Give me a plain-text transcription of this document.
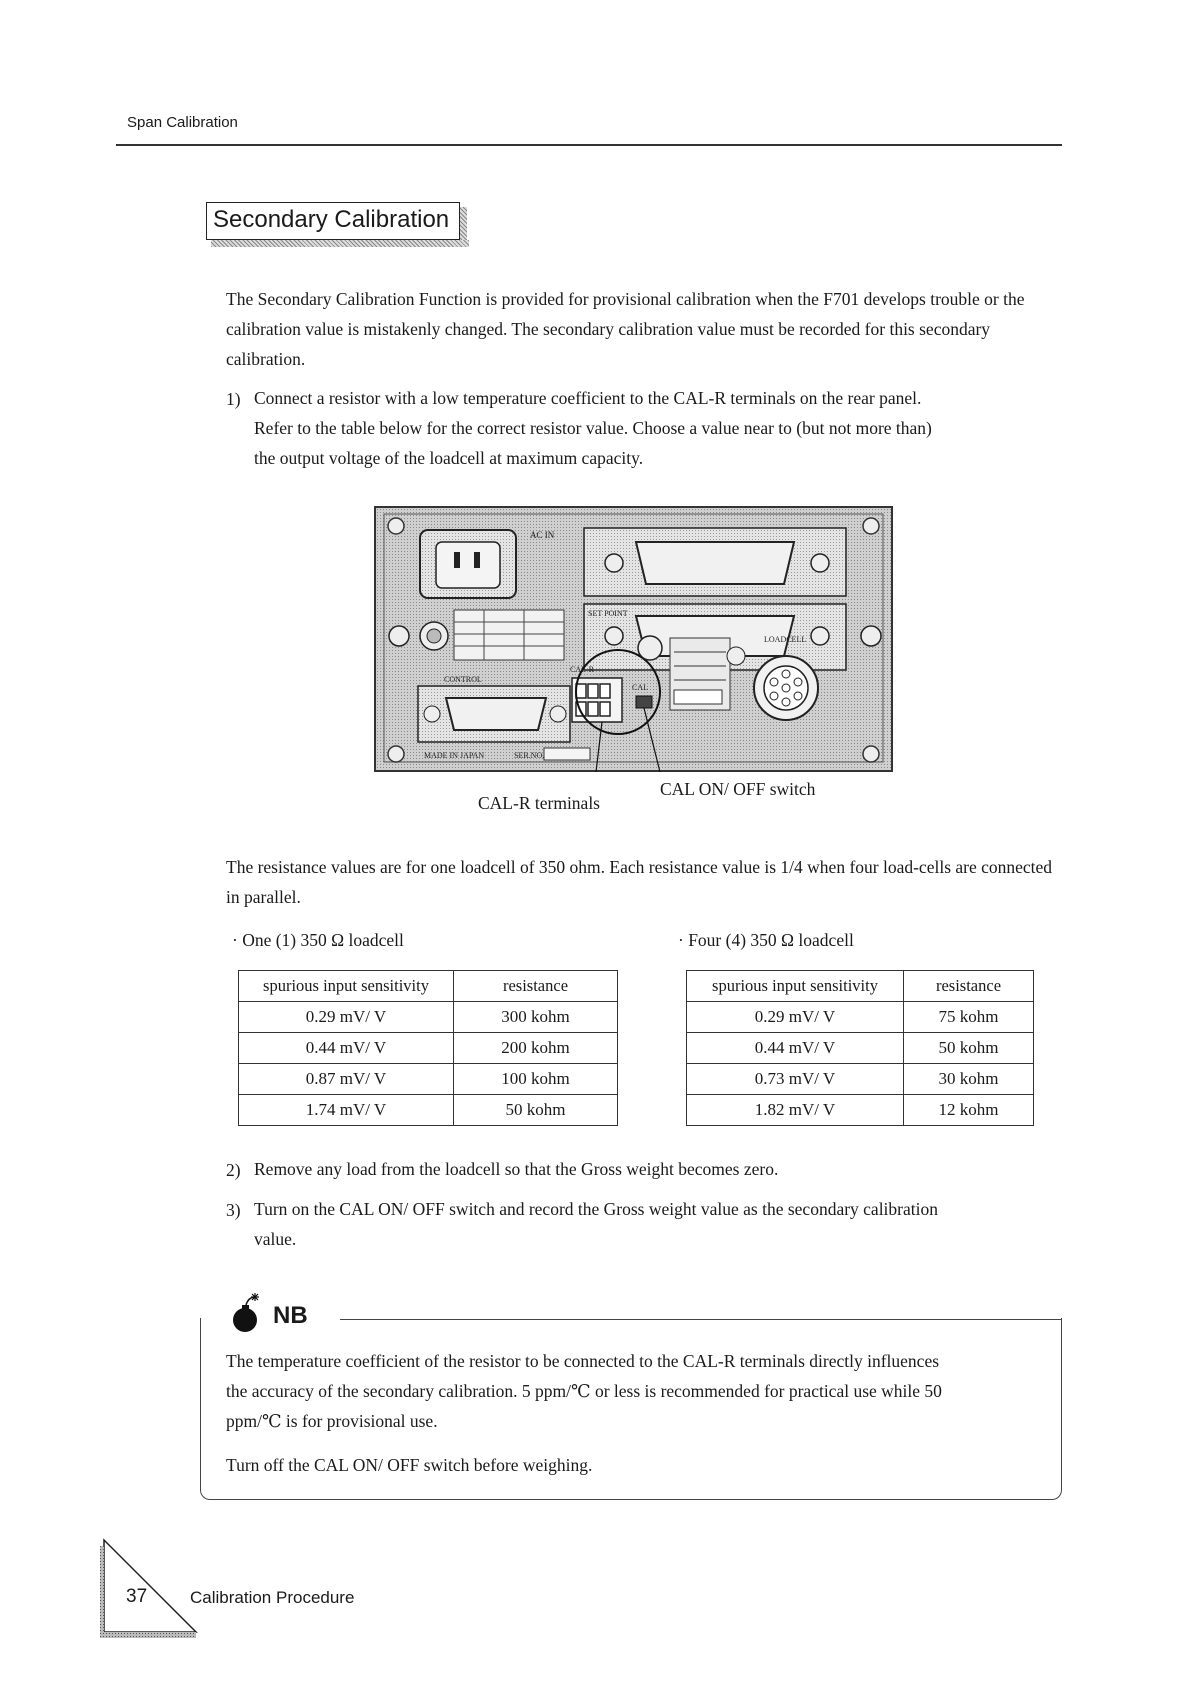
Span Calibration
Secondary Calibration
The Secondary Calibration Function is provided for provisional calibration when the F701 develops trouble or the calibration value is mistakenly changed. The secondary calibration value must be recorded for this secondary calibration.
1) Connect a resistor with a low temperature coefficient to the CAL-R terminals on the rear panel.
Refer to the table below for the correct resistor value. Choose a value near to (but not more than)
the output voltage of the loadcell at maximum capacity.
AC IN
SET POINT
CONTROL
CAL-R
CAL
LOADCELL
MADE IN JAPAN	SER.NO.
CAL ON/ OFF switch
CAL-R terminals
The resistance values are for one loadcell of 350 ohm. Each resistance value is 1/4 when four load-cells are connected in parallel.
· One (1) 350 Ω loadcell	· Four (4) 350 Ω loadcell
spurious input sensitivity	resistance
0.29 mV/ V	300 kohm
0.44 mV/ V	200 kohm
0.87 mV/ V	100 kohm
1.74 mV/ V	50 kohm
spurious input sensitivity	resistance
0.29 mV/ V	75 kohm
0.44 mV/ V	50 kohm
0.73 mV/ V	30 kohm
1.82 mV/ V	12 kohm
2) Remove any load from the loadcell so that the Gross weight becomes zero.
3) Turn on the CAL ON/ OFF switch and record the Gross weight value as the secondary calibration
value.
NB
The temperature coefficient of the resistor to be connected to the CAL-R terminals directly influences
the accuracy of the secondary calibration. 5 ppm/℃ or less is recommended for practical use while 50
ppm/℃ is for provisional use.
Turn off the CAL ON/ OFF switch before weighing.
37	Calibration Procedure
